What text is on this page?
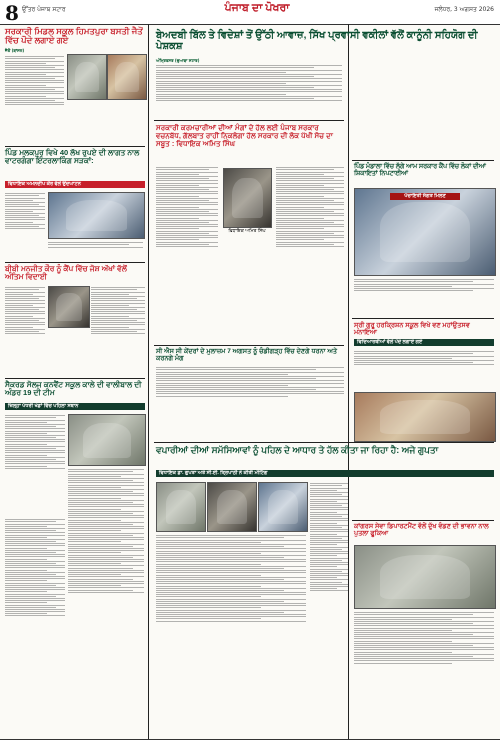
8 ਉੱਤਰ ਪੰਜਾਬ ਸਟਾਰ	ਪੰਜਾਬ ਦਾ ਪੋਖਰਾ	ਜਲੰਧਰ, 3 ਅਗਸਤ 2026
ਸਰਕਾਰੀ ਮਿਡਲ ਸਕੂਲ ਹਿਮਤਪੁਰਾ ਬਸਤੀ ਜੈਤੋਂ ਵਿੱਚ ਪੌਦੇ ਲਗਾਏ ਗਏ
ਜੈਤੋਂ (ਬਾਂਸਲ)
ਪਿੰਡ ਮਲਕਪੁਰ ਵਿਖੇ 40 ਲੱਖ ਰੁਪਏ ਦੀ ਲਾਗਤ ਨਾਲ ਵਾਟਰਗੰਗਾ ਇੰਟਰਲਾਕਿੰਗ ਸੜਕਾਂ:
ਵਿਧਾਇਕ ਅਮਨਦੀਪ ਕੌਰ ਵੱਲੋਂ ਉਦਘਾਟਨ
ਬੀਬੀ ਮਨਜੀਤ ਕੌਰ ਨੂੰ ਕੈਂਪ ਵਿੱਚ ਜੋਸ਼ ਅੱਖਾਂ ਵੱਲੋਂ ਅੰਤਿਮ ਵਿਦਾਈ
ਸੈਕਰਡ ਸੋਲਜ ਕਨਵੈਂਟ ਸਕੂਲ ਕਾਲੇ ਦੀ ਵਾਲੀਬਾਲ ਦੀ ਅੰਡਰ 19 ਦੀ ਟੀਮ
ਜ਼ਿਲ੍ਹਾ ਪੱਧਰੀ ਖੇਡਾਂ ਵਿੱਚ ਪਹਿਲਾ ਸਥਾਨ
ਬੇਅਦਬੀ ਬਿੱਲ ਤੇ ਵਿਦੇਸ਼ਾਂ ਤੋਂ ਉੱਠੀ ਆਵਾਜ਼, ਸਿੱਖ ਪ੍ਰਵਾਸੀ ਵਕੀਲਾਂ ਵੱਲੋਂ ਕਾਨੂੰਨੀ ਸਹਿਯੋਗ ਦੀ ਪੇਸ਼ਕਸ਼
ਅੰਮ੍ਰਿਤਸਰ (ਦੁਆਬਾ ਸਟਾਰ)
ਸਰਕਾਰੀ ਕਰਮਚਾਰੀਆਂ ਦੀਆਂ ਮੰਗਾਂ ਦੇ ਹੱਲ ਲਈ ਪੰਜਾਬ ਸਰਕਾਰ ਵਚਨਬੱਧ, ਗੱਲਬਾਤ ਰਾਹੀਂ ਨਿਕਲੇਗਾ ਹੱਲ ਸਰਕਾਰ ਦੀ ਲੋਕ ਪੱਖੀ ਸੋਚ ਦਾ ਸਬੂਤ : ਵਿਧਾਇਕ ਅਮਿਤ ਸਿੰਘ
ਵਿਧਾਇਕ ਅਮਿਤ ਸਿੰਘ
ਸੀ ਐਸ ਸੀ ਕੇਂਦਰਾਂ ਦੇ ਮੁਲਾਜ਼ਮ 7 ਅਗਸਤ ਨੂੰ ਚੰਡੀਗੜ੍ਹ ਵਿੱਚ ਦੇਣਗੇ ਧਰਨਾ ਅਤੇ ਕਰਨਗੇ ਮੰਗ
ਪਿੰਡ ਮੰਡਾਲਾ ਵਿੱਚ ਲੱਗੇ ਆਮ ਸਰਕਾਰ ਕੈਂਪ ਵਿੱਚ ਲੋਕਾਂ ਦੀਆਂ ਸ਼ਿਕਾਇਤਾਂ ਨਿਪਟਾਈਆਂ
ਪੰਚਾਇਤੀ ਸੰਗਤ ਮਿਲਣ
ਸ੍ਰੀ ਗੁਰੂ ਹਰਕ੍ਰਿਸ਼ਨ ਸਕੂਲ ਵਿਖੇ ਵਣ ਮਹਾਂਉਤਸਵ ਮਨਾਇਆ
ਵਿਦਿਆਰਥੀਆਂ ਵੱਲੋਂ ਪੌਦੇ ਲਗਾਏ ਗਏ
ਵਪਾਰੀਆਂ ਦੀਆਂ ਸਮੱਸਿਆਵਾਂ ਨੂੰ ਪਹਿਲ ਦੇ ਆਧਾਰ ਤੇ ਹੱਲ ਕੀਤਾ ਜਾ ਰਿਹਾ ਹੈ: ਅਜੇ ਗੁਪਤਾ
ਵਿਧਾਇਕ ਡਾ. ਗੁਪਤਾ ਅਤੇ ਸੀ.ਈ. ਤ੍ਰਿਪਾਠੀ ਨੇ ਕੀਤੀ ਮੀਟਿੰਗ
ਕਾਂਗਰਸ ਸੇਵਾ ਡਿਪਾਰਟਮੈਂਟ ਵੱਲੋਂ ਦੁੱਖ ਵੰਡਣ ਦੀ ਭਾਵਨਾ ਨਾਲ ਪੁਤਲਾ ਫੂਕਿਆ
